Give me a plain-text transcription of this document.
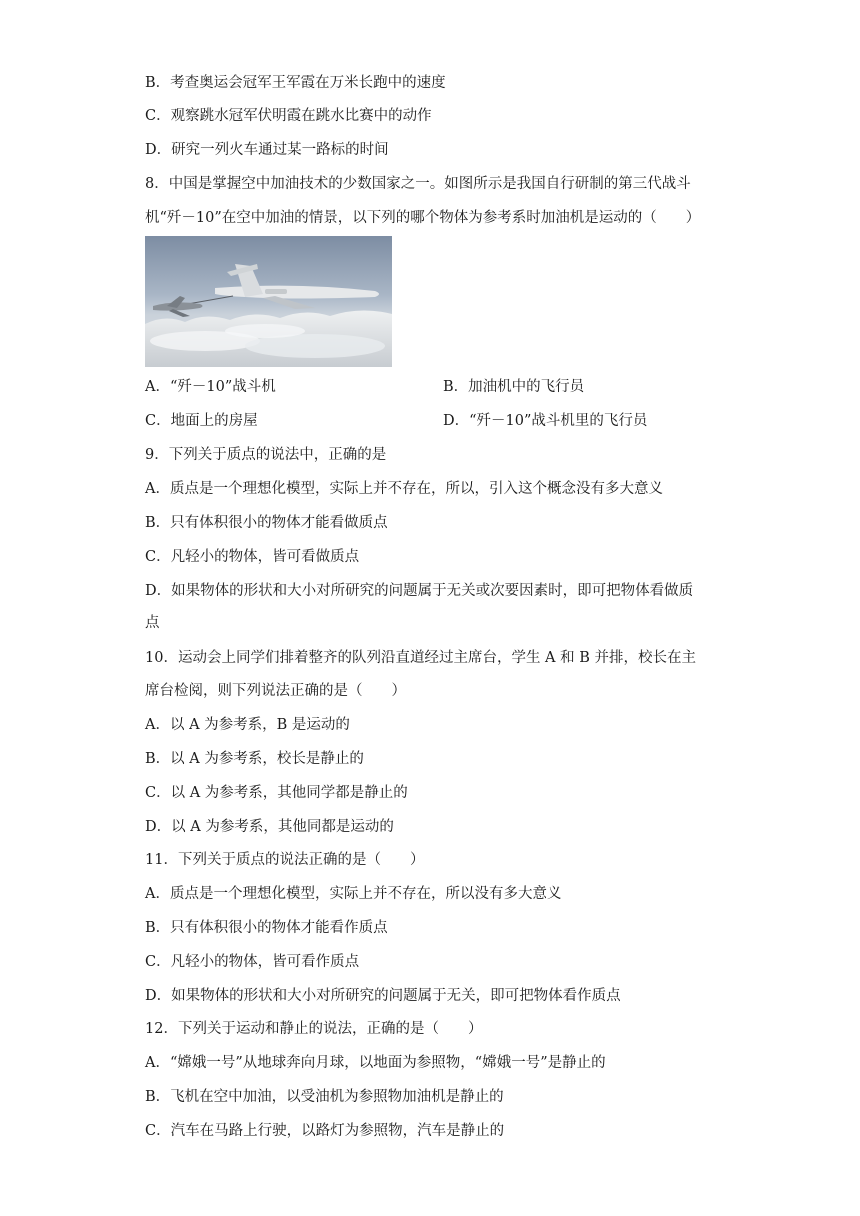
B．考查奥运会冠军王军霞在万米长跑中的速度
C．观察跳水冠军伏明霞在跳水比赛中的动作
D．研究一列火车通过某一路标的时间
8．中国是掌握空中加油技术的少数国家之一。如图所示是我国自行研制的第三代战斗
机“歼－10”在空中加油的情景，以下列的哪个物体为参考系时加油机是运动的（　　）
A．“歼－10”战斗机	B．加油机中的飞行员
C．地面上的房屋	D．“歼－10”战斗机里的飞行员
9．下列关于质点的说法中，正确的是
A．质点是一个理想化模型，实际上并不存在，所以，引入这个概念没有多大意义
B．只有体积很小的物体才能看做质点
C．凡轻小的物体，皆可看做质点
D．如果物体的形状和大小对所研究的问题属于无关或次要因素时，即可把物体看做质
点
10．运动会上同学们排着整齐的队列沿直道经过主席台，学生 A 和 B 并排，校长在主
席台检阅，则下列说法正确的是（　　）
A．以 A 为参考系，B 是运动的
B．以 A 为参考系，校长是静止的
C．以 A 为参考系，其他同学都是静止的
D．以 A 为参考系，其他同都是运动的
11．下列关于质点的说法正确的是（　　）
A．质点是一个理想化模型，实际上并不存在，所以没有多大意义
B．只有体积很小的物体才能看作质点
C．凡轻小的物体，皆可看作质点
D．如果物体的形状和大小对所研究的问题属于无关，即可把物体看作质点
12．下列关于运动和静止的说法，正确的是（　　）
A．“嫦娥一号”从地球奔向月球，以地面为参照物，“嫦娥一号”是静止的
B．飞机在空中加油，以受油机为参照物加油机是静止的
C．汽车在马路上行驶，以路灯为参照物，汽车是静止的
